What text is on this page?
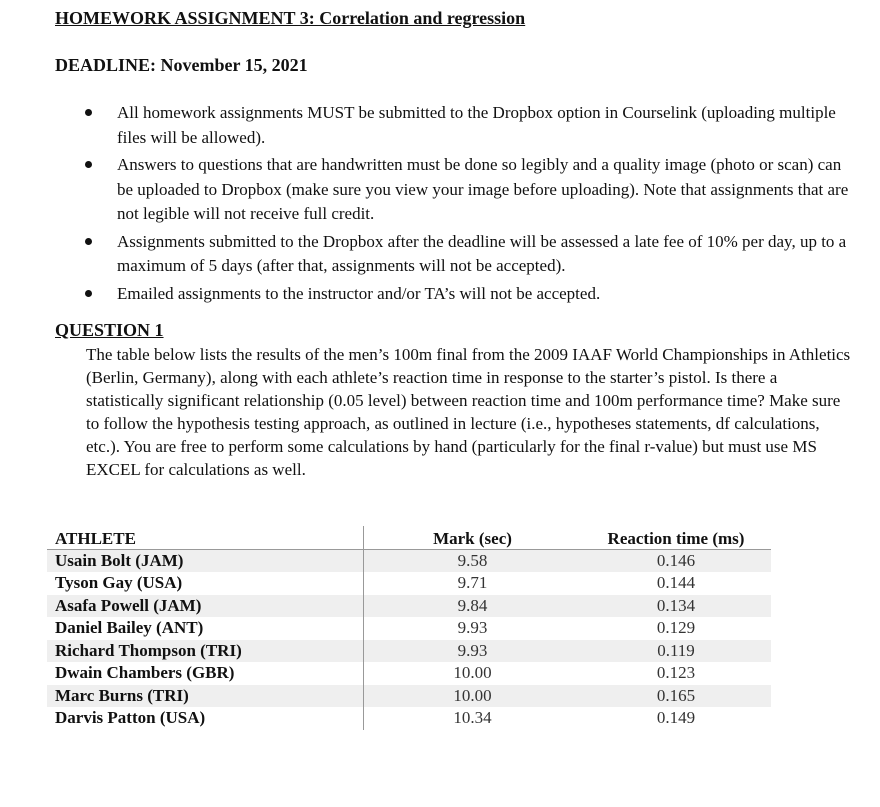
HOMEWORK ASSIGNMENT 3: Correlation and regression
DEADLINE: November 15, 2021
All homework assignments MUST be submitted to the Dropbox option in Courselink (uploading multiple files will be allowed).
Answers to questions that are handwritten must be done so legibly and a quality image (photo or scan) can be uploaded to Dropbox (make sure you view your image before uploading). Note that assignments that are not legible will not receive full credit.
Assignments submitted to the Dropbox after the deadline will be assessed a late fee of 10% per day, up to a maximum of 5 days (after that, assignments will not be accepted).
Emailed assignments to the instructor and/or TA’s will not be accepted.
QUESTION 1

The table below lists the results of the men’s 100m final from the 2009 IAAF World Championships in Athletics (Berlin, Germany), along with each athlete’s reaction time in response to the starter’s pistol. Is there a statistically significant relationship (0.05 level) between reaction time and 100m performance time? Make sure to follow the hypothesis testing approach, as outlined in lecture (i.e., hypotheses statements, df calculations, etc.). You are free to perform some calculations by hand (particularly for the final r-value) but must use MS EXCEL for calculations as well.

ATHLETE	Mark (sec)	Reaction time (ms)
Usain Bolt (JAM)	9.58	0.146
Tyson Gay (USA)	9.71	0.144
Asafa Powell (JAM)	9.84	0.134
Daniel Bailey (ANT)	9.93	0.129
Richard Thompson (TRI)	9.93	0.119
Dwain Chambers (GBR)	10.00	0.123
Marc Burns (TRI)	10.00	0.165
Darvis Patton (USA)	10.34	0.149
